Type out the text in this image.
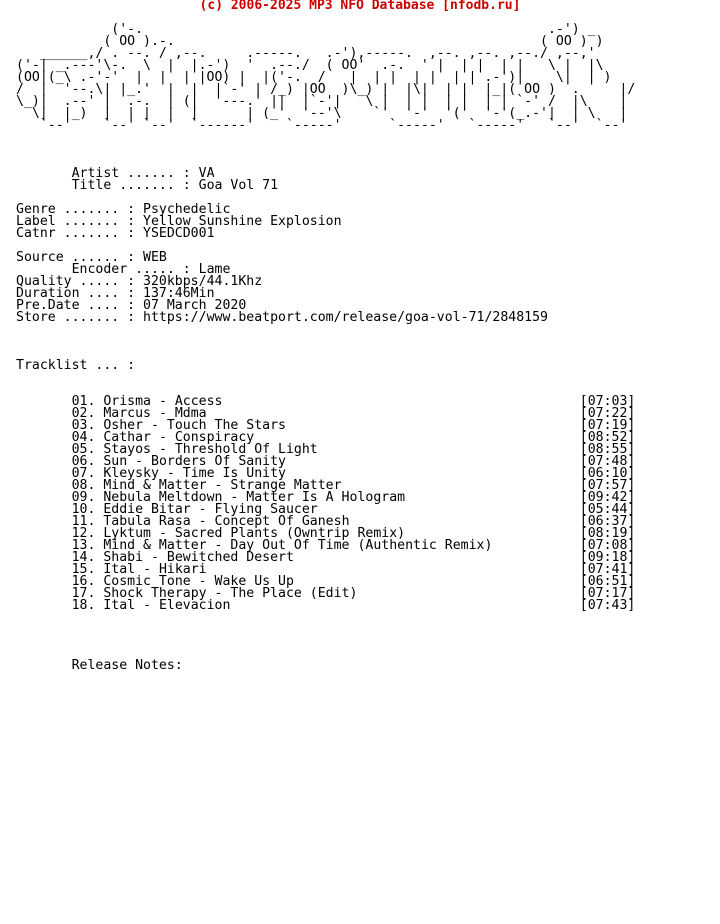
(c) 2006-2025 MP3 NFO Database [nfodb.ru]
('-.                                                   .-') _
( OO ).-.                                              ( OO ) )
______,/ . --. / ,--.     .-----.   .-'),-----.  ,--. ,--. ,--./ ,--,'
('-| _.---'\-.  \  |  |.-')  '  .--./  ( OO'  .-.  ' |  | |  | |   \ |  |\
(OO|(_\ .-'-'  |  |  | |OO) |  |('-.  /   |  | |  | |  | | .-')|    \|  | )
/  |  '--.\| |_.'  |  |  |`-' | /_) |OO  )\_) |  |\|  | |  |_|( OO )  .     |/
\_)|  .--' |  .-.  | (|  '---.' ||  |`-'|   \ |  | |  | |  | | `-' /  |\    |
\|  |_)  |  | |  |  |      | (_'  '--'\    `'  '-'  '('  '-'(_.-'|  | \   |
`--'    `--' `--'  `------'    `-----'      `-----'   `-----'   `--'  `--'
Artist ...... : VA
Title ....... : Goa Vol 71

Genre ....... : Psychedelic
Label ....... : Yellow Sunshine Explosion
Catnr ....... : YSEDCD001

Source ...... : WEB
Encoder ..... : Lame
Quality ..... : 320kbps/44.1Khz
Duration .... : 137:46Min
Pre.Date .... : 07 March 2020
Store ....... : https://www.beatport.com/release/goa-vol-71/2848159

Tracklist ... :

01. Orisma - Access	[07:03]
02. Marcus - Mdma	[07:22]
03. Osher - Touch The Stars	[07:19]
04. Cathar - Conspiracy	[08:52]
05. Stayos - Threshold Of Light	[08:55]
06. Sun - Borders Of Sanity	[07:48]
07. Kleysky - Time Is Unity	[06:10]
08. Mind & Matter - Strange Matter	[07:57]
09. Nebula Meltdown - Matter Is A Hologram	[09:42]
10. Eddie Bitar - Flying Saucer	[05:44]
11. Tabula Rasa - Concept Of Ganesh	[06:37]
12. Lyktum - Sacred Plants (Owntrip Remix)	[08:19]
13. Mind & Matter - Day Out Of Time (Authentic Remix)	[07:08]
14. Shabi - Bewitched Desert	[09:18]
15. Ital - Hikari	[07:41]
16. Cosmic Tone - Wake Us Up	[06:51]
17. Shock Therapy - The Place (Edit)	[07:17]
18. Ital - Elevacion	[07:43]

Release Notes:
